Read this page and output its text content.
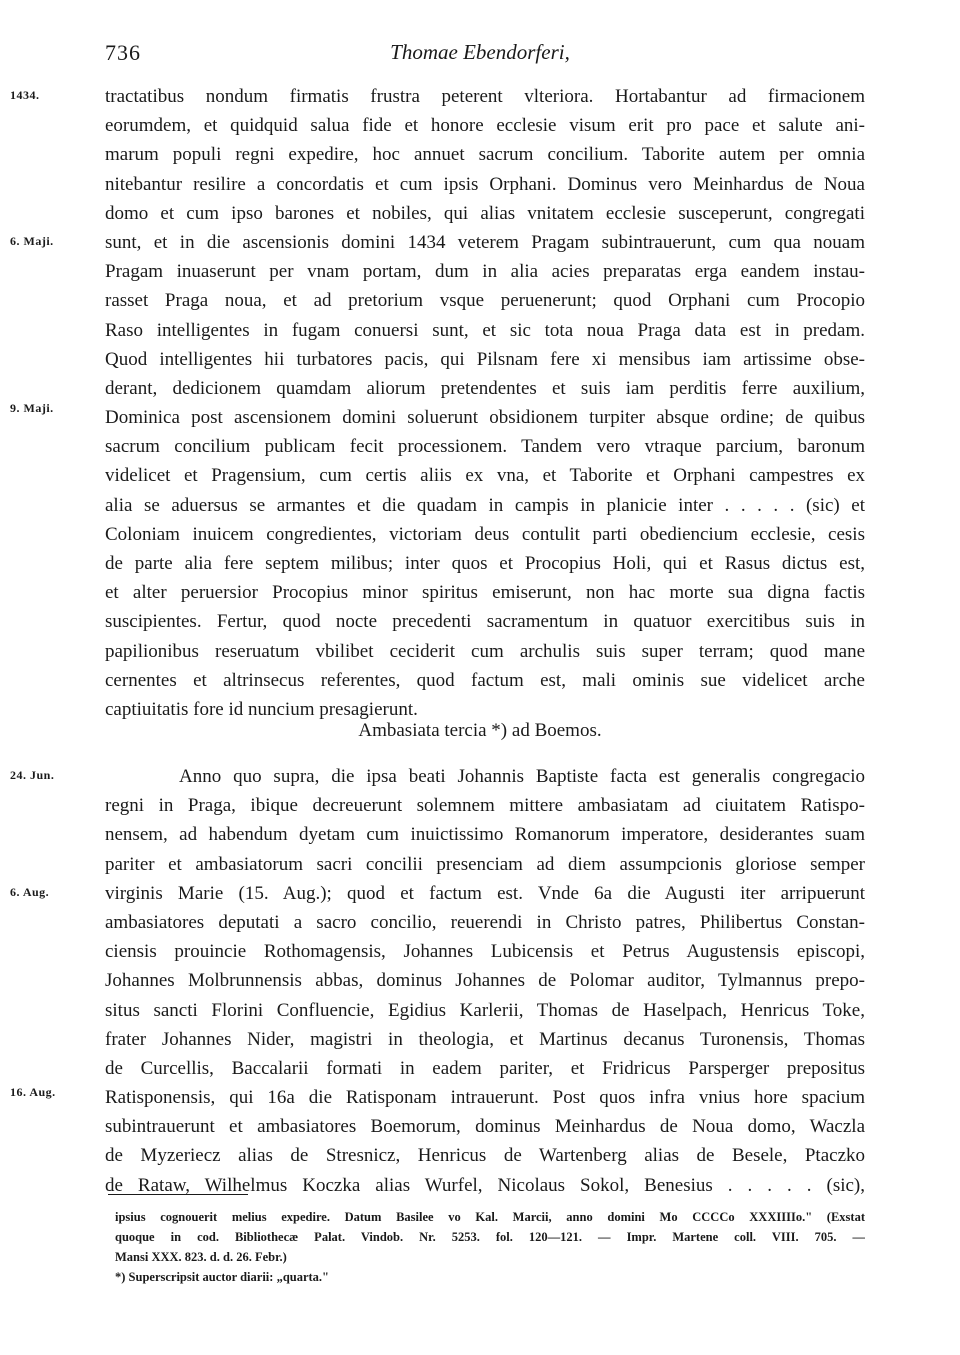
736	Thomae Ebendorferi,
1434.
6. Maji.
9. Maji.
24. Jun.
6. Aug.
16. Aug.
tractatibus nondum firmatis frustra peterent vlteriora. Hortabantur ad firmacionem
eorumdem, et quidquid salua fide et honore ecclesie visum erit pro pace et salute ani-
marum populi regni expedire, hoc annuet sacrum concilium. Taborite autem per omnia
nitebantur resilire a concordatis et cum ipsis Orphani. Dominus vero Meinhardus de Noua
domo et cum ipso barones et nobiles, qui alias vnitatem ecclesie susceperunt, congregati
sunt, et in die ascensionis domini 1434 veterem Pragam subintrauerunt, cum qua nouam
Pragam inuaserunt per vnam portam, dum in alia acies preparatas erga eandem instau-
rasset Praga noua, et ad pretorium vsque peruenerunt; quod Orphani cum Procopio
Raso intelligentes in fugam conuersi sunt, et sic tota noua Praga data est in predam.
Quod intelligentes hii turbatores pacis, qui Pilsnam fere xi mensibus iam artissime obse-
derant, dedicionem quamdam aliorum pretendentes et suis iam perditis ferre auxilium,
Dominica post ascensionem domini soluerunt obsidionem turpiter absque ordine; de quibus
sacrum concilium publicam fecit processionem. Tandem vero vtraque parcium, baronum
videlicet et Pragensium, cum certis aliis ex vna, et Taborite et Orphani campestres ex
alia se aduersus se armantes et die quadam in campis in planicie inter . . . . . (sic) et
Coloniam inuicem congredientes, victoriam deus contulit parti obediencium ecclesie, cesis
de parte alia fere septem milibus; inter quos et Procopius Holi, qui et Rasus dictus est,
et alter peruersior Procopius minor spiritus emiserunt, non hac morte sua digna factis
suscipientes. Fertur, quod nocte precedenti sacramentum in quatuor exercitibus suis in
papilionibus reseruatum vbilibet ceciderit cum archulis suis super terram; quod mane
cernentes et altrinsecus referentes, quod factum est, mali ominis sue videlicet arche
captiuitatis fore id nuncium presagierunt.
Ambasiata tercia *) ad Boemos.
Anno quo supra, die ipsa beati Johannis Baptiste facta est generalis congregacio
regni in Praga, ibique decreuerunt solemnem mittere ambasiatam ad ciuitatem Ratispo-
nensem, ad habendum dyetam cum inuictissimo Romanorum imperatore, desiderantes suam
pariter et ambasiatorum sacri concilii presenciam ad diem assumpcionis gloriose semper
virginis Marie (15. Aug.); quod et factum est. Vnde 6a die Augusti iter arripuerunt
ambasiatores deputati a sacro concilio, reuerendi in Christo patres, Philibertus Constan-
ciensis prouincie Rothomagensis, Johannes Lubicensis et Petrus Augustensis episcopi,
Johannes Molbrunnensis abbas, dominus Johannes de Polomar auditor, Tylmannus prepo-
situs sancti Florini Confluencie, Egidius Karlerii, Thomas de Haselpach, Henricus Toke,
frater Johannes Nider, magistri in theologia, et Martinus decanus Turonensis, Thomas
de Curcellis, Baccalarii formati in eadem pariter, et Fridricus Parsperger prepositus
Ratisponensis, qui 16a die Ratisponam intrauerunt. Post quos infra vnius hore spacium
subintrauerunt et ambasiatores Boemorum, dominus Meinhardus de Noua domo, Waczla
de Myzeriecz alias de Stresnicz, Henricus de Wartenberg alias de Besele, Ptaczko
de Rataw, Wilhelmus Koczka alias Wurfel, Nicolaus Sokol, Benesius . . . . . (sic),
ipsius cognouerit melius expedire. Datum Basilee vo Kal. Marcii, anno domini Mo CCCCo XXXIIIIo." (Exstat
quoque in cod. Bibliothecæ Palat. Vindob. Nr. 5253. fol. 120—121. — Impr. Martene coll. VIII. 705. —
Mansi XXX. 823. d. d. 26. Febr.)
*) Superscripsit auctor diarii: „quarta."
